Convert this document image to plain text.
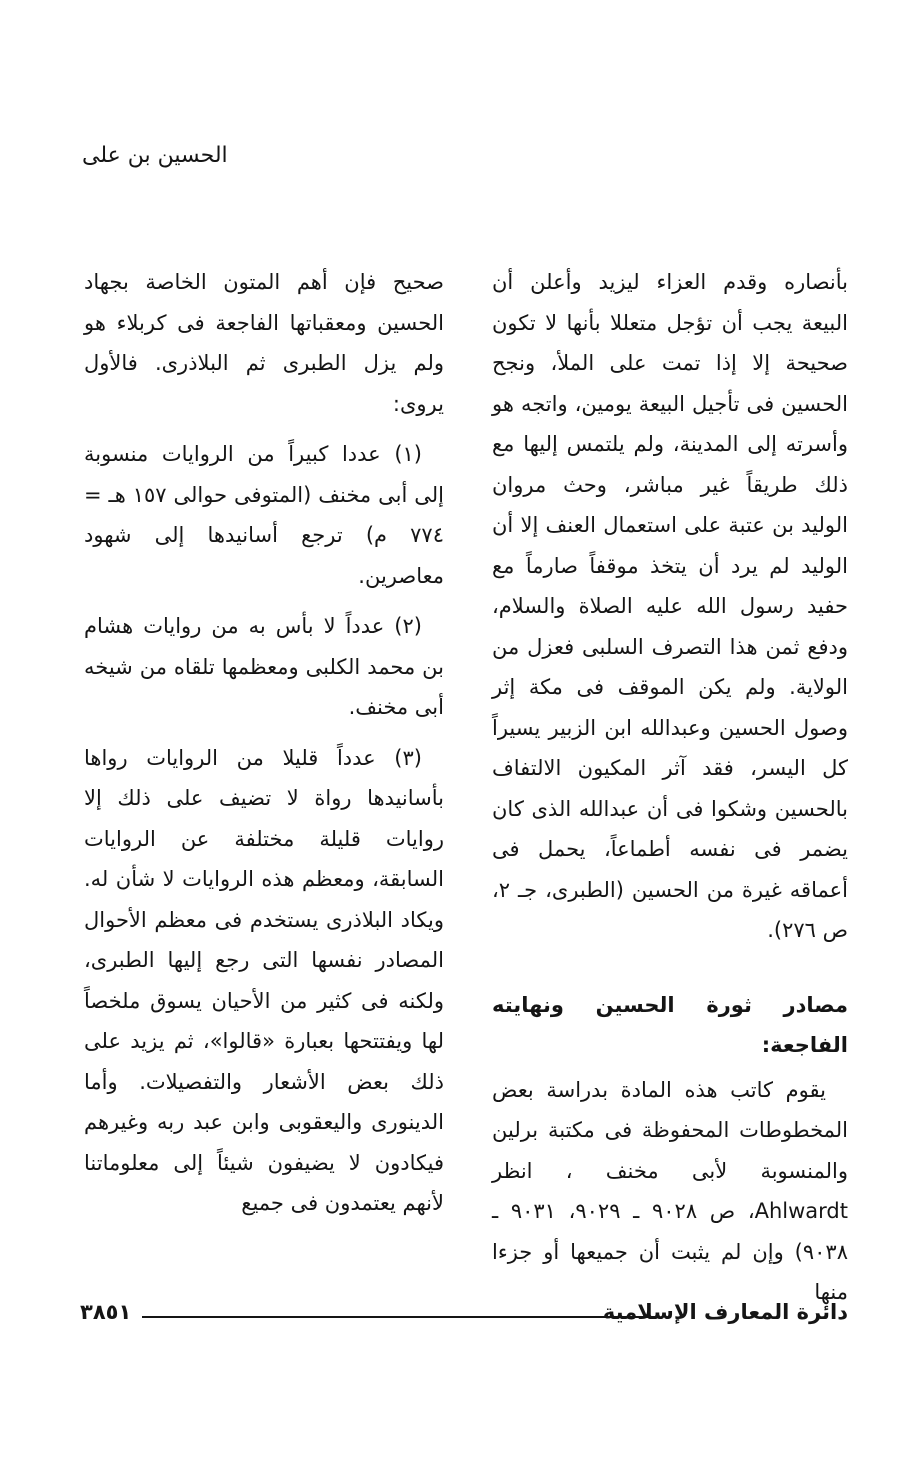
الحسين بن على

بأنصاره وقدم العزاء ليزيد وأعلن أن البيعة يجب أن تؤجل متعللا بأنها لا تكون صحيحة إلا إذا تمت على الملأ، ونجح الحسين فى تأجيل البيعة يومين، واتجه هو وأسرته إلى المدينة، ولم يلتمس إليها مع ذلك طريقاً غير مباشر، وحث مروان الوليد بن عتبة على استعمال العنف إلا أن الوليد لم يرد أن يتخذ موقفاً صارماً مع حفيد رسول الله عليه الصلاة والسلام، ودفع ثمن هذا التصرف السلبى فعزل من الولاية. ولم يكن الموقف فى مكة إثر وصول الحسين وعبدالله ابن الزبير يسيراً كل اليسر، فقد آثر المكيون الالتفاف بالحسين وشكوا فى أن عبدالله الذى كان يضمر فى نفسه أطماعاً، يحمل فى أعماقه غيرة من الحسين (الطبرى، جـ ٢، ص ٢٧٦).

مصادر ثورة الحسين ونهايته الفاجعة:

يقوم كاتب هذه المادة بدراسة بعض المخطوطات المحفوظة فى مكتبة برلين والمنسوبة لأبى مخنف ، انظر Ahlwardt، ص ٩٠٢٨ ـ ٩٠٢٩، ٩٠٣١ ـ ٩٠٣٨) وإن لم يثبت أن جميعها أو جزءا منها

صحيح فإن أهم المتون الخاصة بجهاد الحسين ومعقباتها الفاجعة فى كربلاء هو ولم يزل الطبرى ثم البلاذرى. فالأول يروى:

(١) عددا كبيراً من الروايات منسوبة إلى أبى مخنف (المتوفى حوالى ١٥٧ هـ = ٧٧٤ م) ترجع أسانيدها إلى شهود معاصرين.

(٢) عدداً لا بأس به من روايات هشام بن محمد الكلبى ومعظمها تلقاه من شيخه أبى مخنف.

(٣) عدداً قليلا من الروايات رواها بأسانيدها رواة لا تضيف على ذلك إلا روايات قليلة مختلفة عن الروايات السابقة، ومعظم هذه الروايات لا شأن له. ويكاد البلاذرى يستخدم فى معظم الأحوال المصادر نفسها التى رجع إليها الطبرى، ولكنه فى كثير من الأحيان يسوق ملخصاً لها ويفتتحها بعبارة «قالوا»، ثم يزيد على ذلك بعض الأشعار والتفصيلات. وأما الدينورى واليعقوبى وابن عبد ربه وغيرهم فيكادون لا يضيفون شيئاً إلى معلوماتنا لأنهم يعتمدون فى جميع

دائرة المعارف الإسلامية
٣٨٥١
